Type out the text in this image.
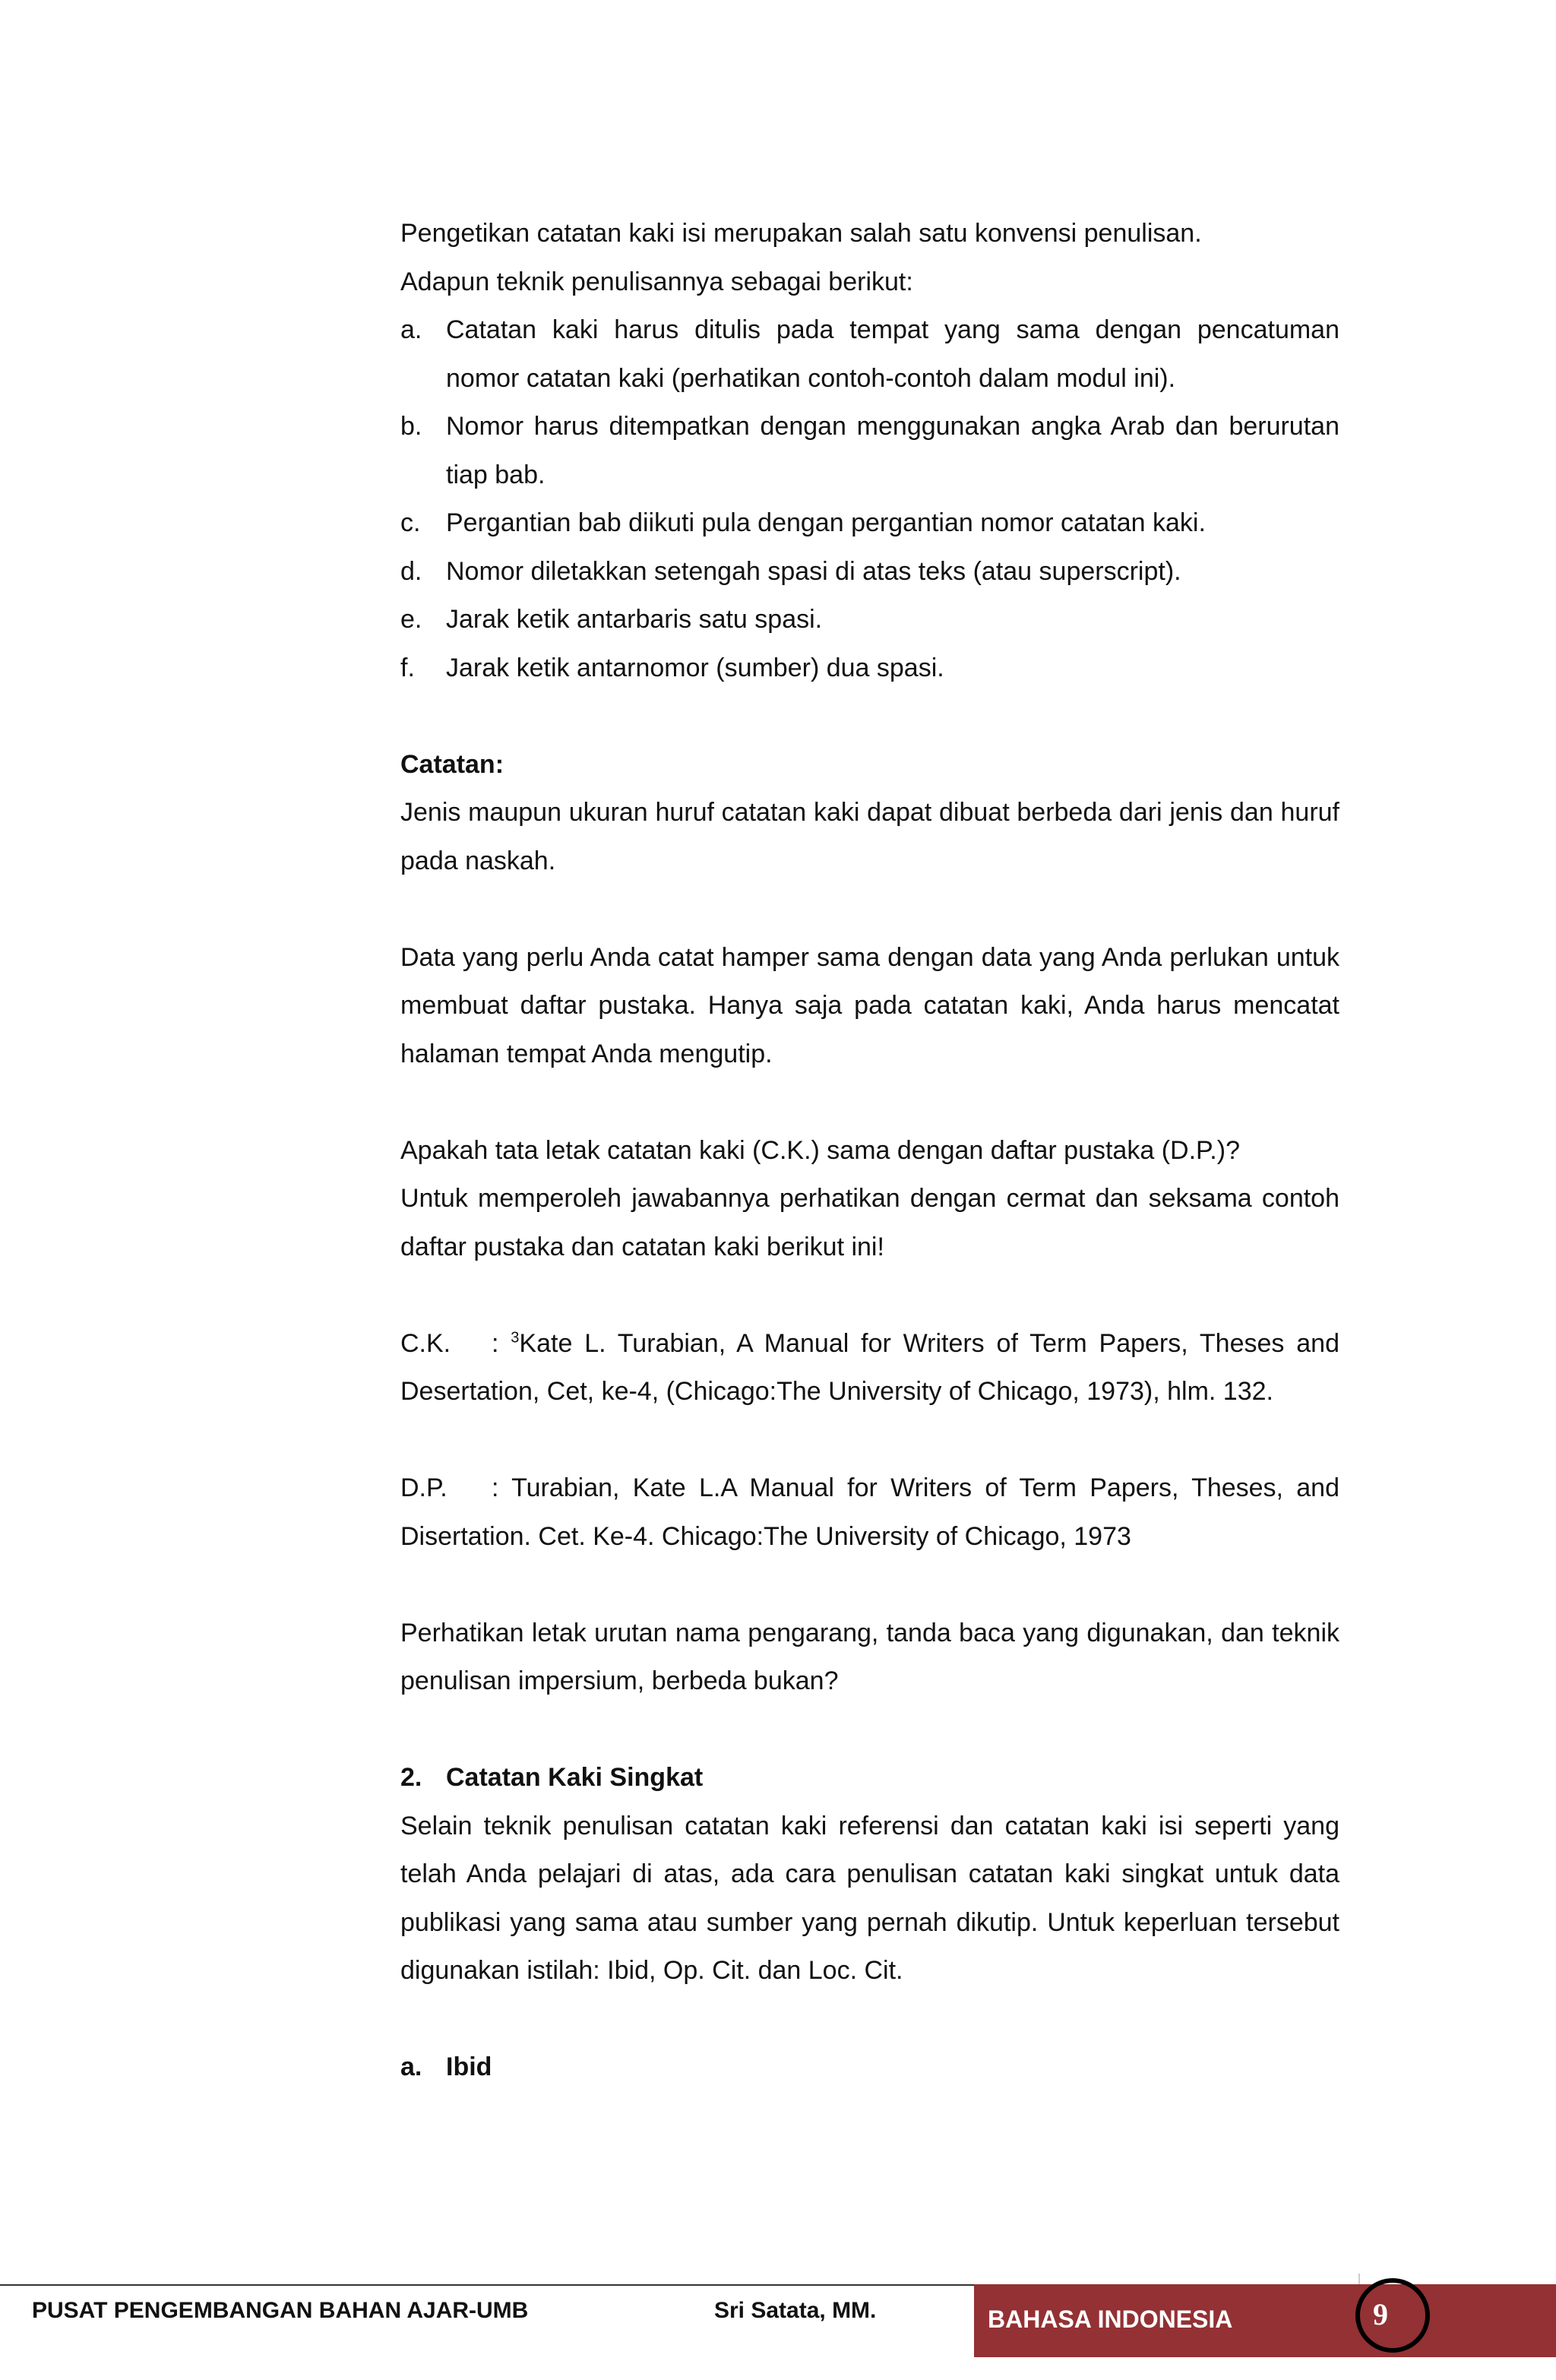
Pengetikan catatan kaki isi merupakan salah satu konvensi penulisan.

Adapun teknik penulisannya sebagai berikut:

a. Catatan kaki harus ditulis pada tempat yang sama dengan pencatuman nomor catatan kaki (perhatikan contoh-contoh dalam modul ini).
b. Nomor harus ditempatkan dengan menggunakan angka Arab dan berurutan tiap bab.
c. Pergantian bab diikuti pula dengan pergantian nomor catatan kaki.
d. Nomor diletakkan setengah spasi di atas teks (atau superscript).
e. Jarak ketik antarbaris satu spasi.
f.	Jarak ketik antarnomor (sumber) dua spasi.

Catatan:

Jenis maupun ukuran huruf catatan kaki dapat dibuat berbeda dari jenis dan huruf pada naskah.

Data yang perlu Anda catat hamper sama dengan data yang Anda perlukan untuk membuat daftar pustaka. Hanya saja pada catatan kaki, Anda harus mencatat halaman tempat Anda mengutip.

Apakah tata letak catatan kaki (C.K.) sama dengan daftar pustaka (D.P.)?

Untuk memperoleh jawabannya perhatikan dengan cermat dan seksama contoh daftar pustaka dan catatan kaki berikut ini!

C.K. : $^3$Kate L. Turabian, A Manual for Writers of Term Papers, Theses and Desertation, Cet, ke-4, (Chicago:The University of Chicago, 1973), hlm. 132.

D.P. : Turabian, Kate L.A Manual for Writers of Term Papers, Theses, and Disertation. Cet. Ke-4. Chicago:The University of Chicago, 1973

Perhatikan letak urutan nama pengarang, tanda baca yang digunakan, dan teknik penulisan impersium, berbeda bukan?

2. Catatan Kaki Singkat

Selain teknik penulisan catatan kaki referensi dan catatan kaki isi seperti yang telah Anda pelajari di atas, ada cara penulisan catatan kaki singkat untuk data publikasi yang sama atau sumber yang pernah dikutip. Untuk keperluan tersebut digunakan istilah: Ibid, Op. Cit. dan Loc. Cit.

a. Ibid
PUSAT PENGEMBANGAN BAHAN AJAR-UMB	Sri Satata, MM.	BAHASA INDONESIA	9
